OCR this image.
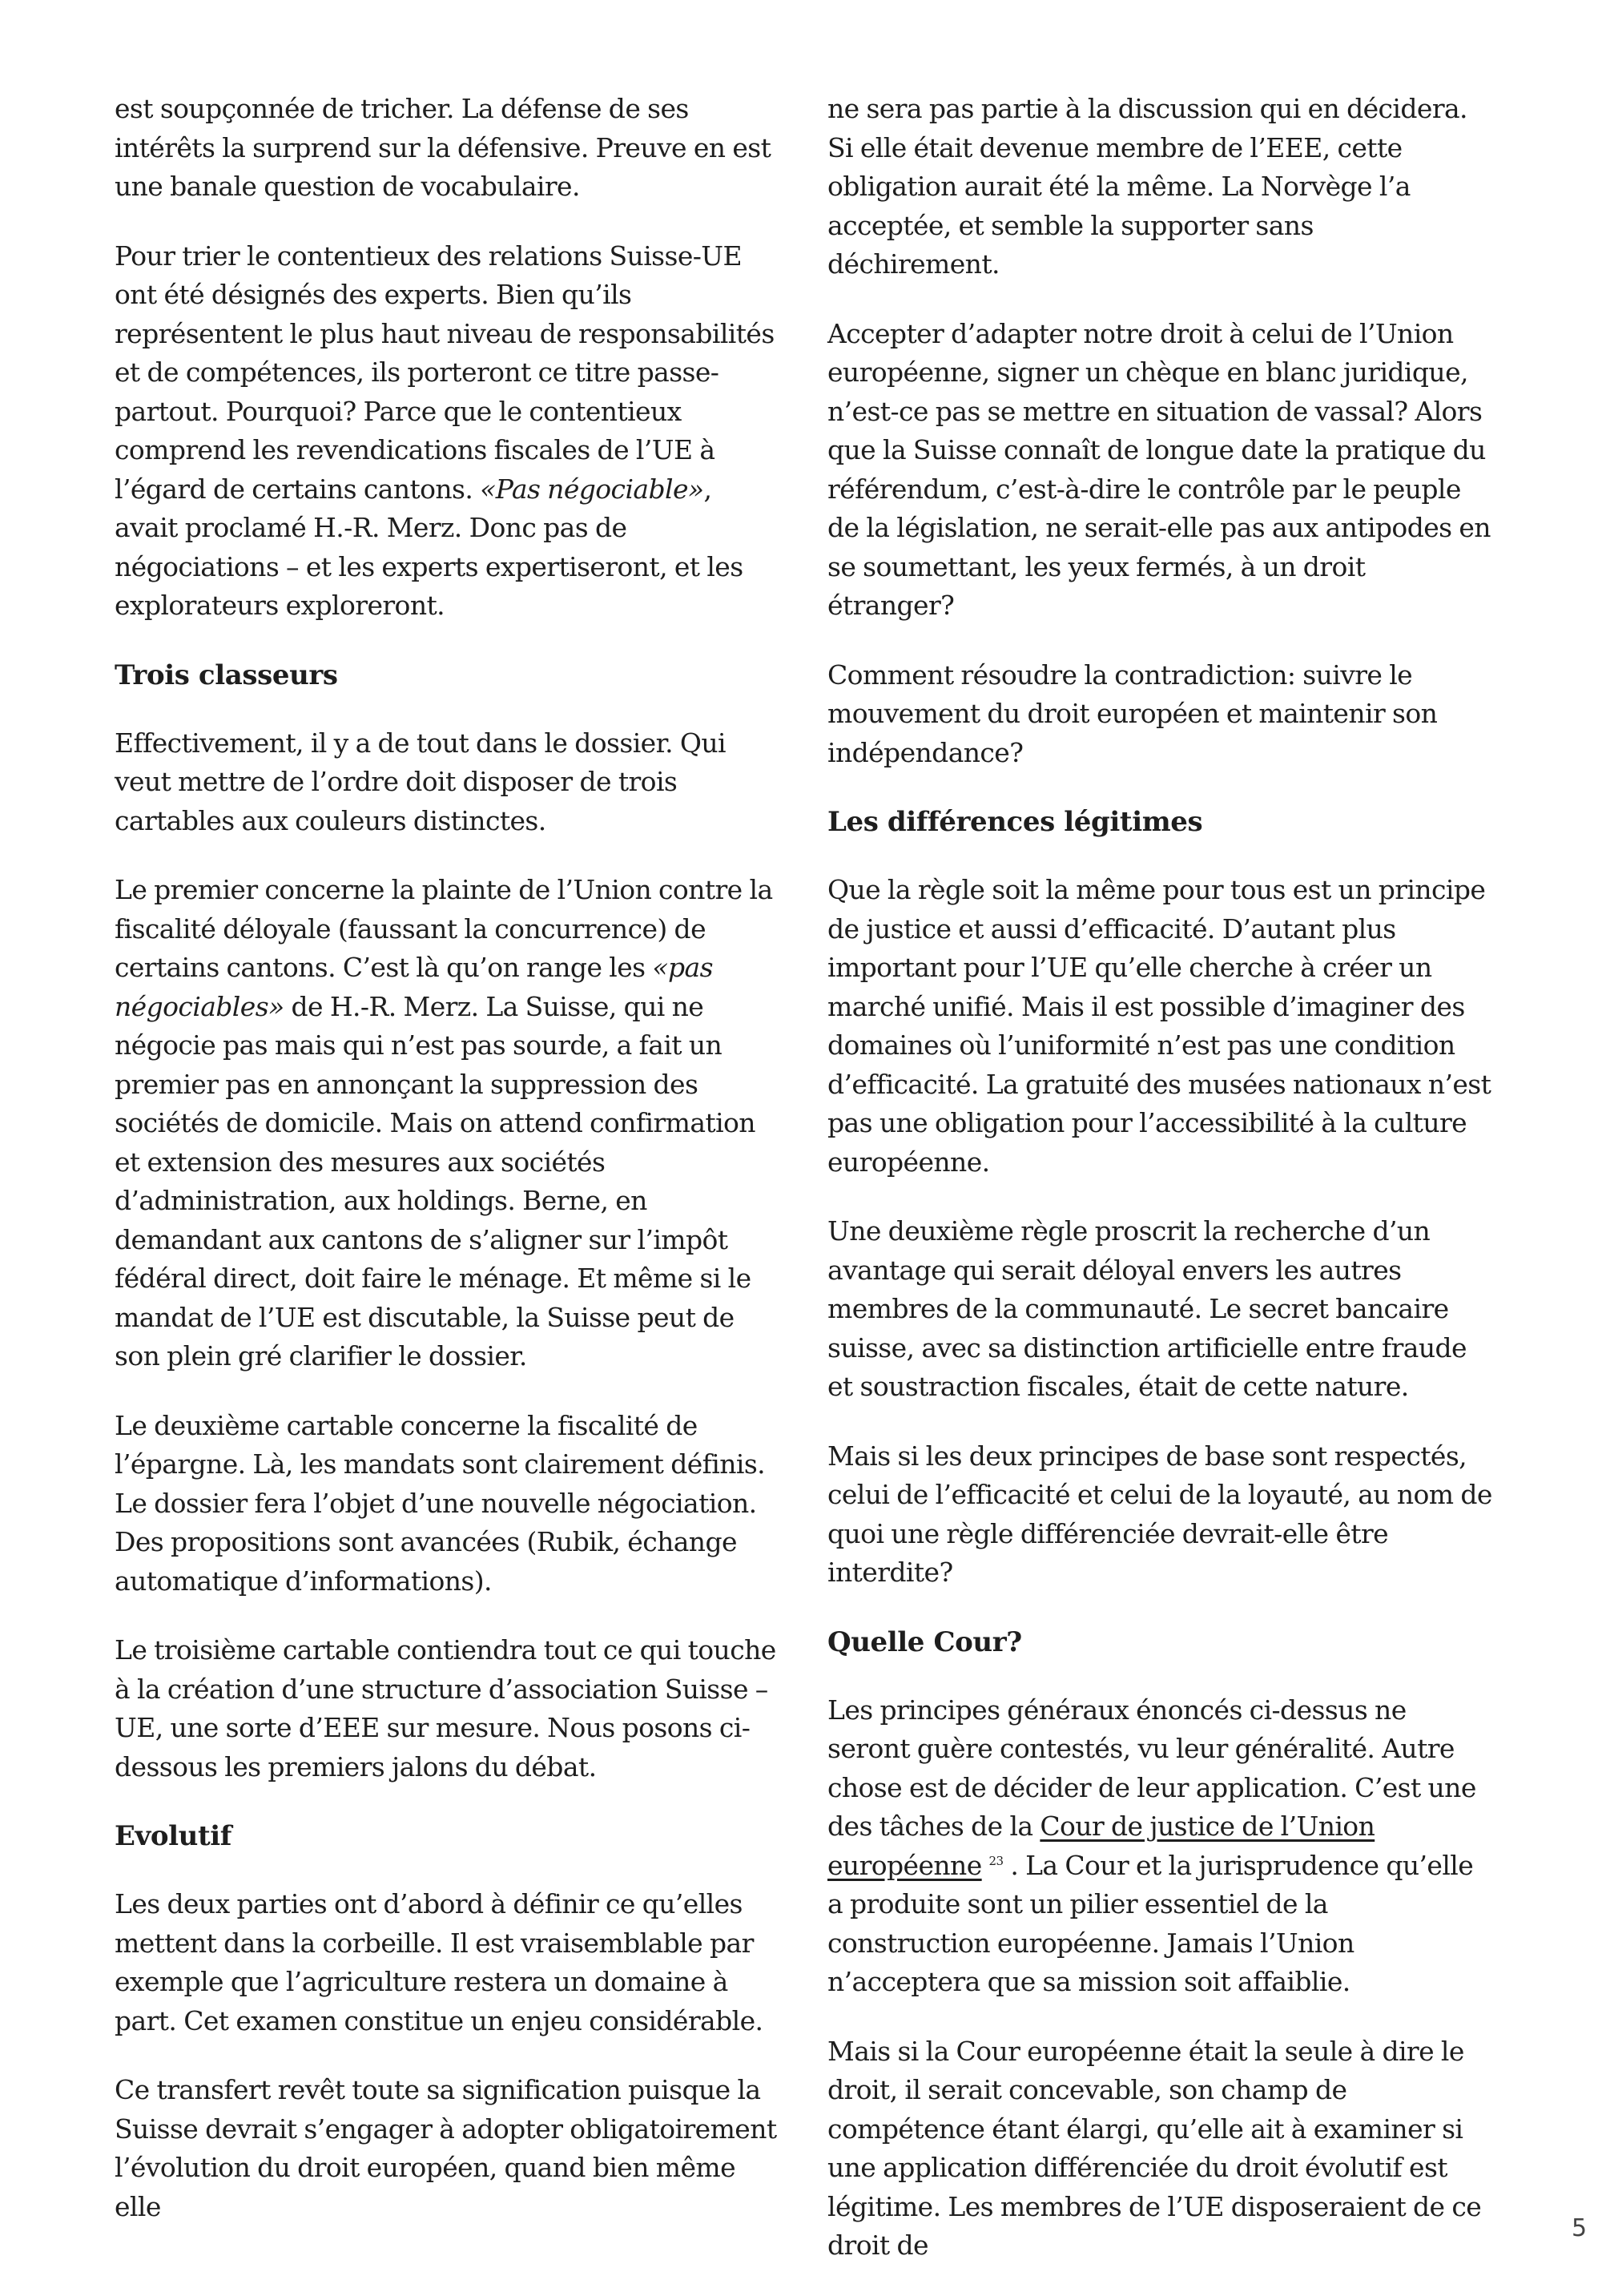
est soupçonnée de tricher. La défense de ses intérêts la surprend sur la défensive. Preuve en est une banale question de vocabulaire.

Pour trier le contentieux des relations Suisse-UE ont été désignés des experts. Bien qu’ils représentent le plus haut niveau de responsabilités et de compétences, ils porteront ce titre passe-partout. Pourquoi? Parce que le contentieux comprend les revendications fiscales de l’UE à l’égard de certains cantons. «Pas négociable», avait proclamé H.-R. Merz. Donc pas de négociations – et les experts expertiseront, et les explorateurs exploreront.

Trois classeurs

Effectivement, il y a de tout dans le dossier. Qui veut mettre de l’ordre doit disposer de trois cartables aux couleurs distinctes.

Le premier concerne la plainte de l’Union contre la fiscalité déloyale (faussant la concurrence) de certains cantons. C’est là qu’on range les «pas négociables» de H.-R. Merz. La Suisse, qui ne négocie pas mais qui n’est pas sourde, a fait un premier pas en annonçant la suppression des sociétés de domicile. Mais on attend confirmation et extension des mesures aux sociétés d’administration, aux holdings. Berne, en demandant aux cantons de s’aligner sur l’impôt fédéral direct, doit faire le ménage. Et même si le mandat de l’UE est discutable, la Suisse peut de son plein gré clarifier le dossier.

Le deuxième cartable concerne la fiscalité de l’épargne. Là, les mandats sont clairement définis. Le dossier fera l’objet d’une nouvelle négociation. Des propositions sont avancées (Rubik, échange automatique d’informations).

Le troisième cartable contiendra tout ce qui touche à la création d’une structure d’association Suisse – UE, une sorte d’EEE sur mesure. Nous posons ci-dessous les premiers jalons du débat.

Evolutif

Les deux parties ont d’abord à définir ce qu’elles mettent dans la corbeille. Il est vraisemblable par exemple que l’agriculture restera un domaine à part. Cet examen constitue un enjeu considérable.

Ce transfert revêt toute sa signification puisque la Suisse devrait s’engager à adopter obligatoirement l’évolution du droit européen, quand bien même elle

ne sera pas partie à la discussion qui en décidera. Si elle était devenue membre de l’EEE, cette obligation aurait été la même. La Norvège l’a acceptée, et semble la supporter sans déchirement.

Accepter d’adapter notre droit à celui de l’Union européenne, signer un chèque en blanc juridique, n’est-ce pas se mettre en situation de vassal? Alors que la Suisse connaît de longue date la pratique du référendum, c’est-à-dire le contrôle par le peuple de la législation, ne serait-elle pas aux antipodes en se soumettant, les yeux fermés, à un droit étranger?

Comment résoudre la contradiction: suivre le mouvement du droit européen et maintenir son indépendance?

Les différences légitimes

Que la règle soit la même pour tous est un principe de justice et aussi d’efficacité. D’autant plus important pour l’UE qu’elle cherche à créer un marché unifié. Mais il est possible d’imaginer des domaines où l’uniformité n’est pas une condition d’efficacité. La gratuité des musées nationaux n’est pas une obligation pour l’accessibilité à la culture européenne.

Une deuxième règle proscrit la recherche d’un avantage qui serait déloyal envers les autres membres de la communauté. Le secret bancaire suisse, avec sa distinction artificielle entre fraude et soustraction fiscales, était de cette nature.

Mais si les deux principes de base sont respectés, celui de l’efficacité et celui de la loyauté, au nom de quoi une règle différenciée devrait-elle être interdite?

Quelle Cour?

Les principes généraux énoncés ci-dessus ne seront guère contestés, vu leur généralité. Autre chose est de décider de leur application. C’est une des tâches de la Cour de justice de l’Union européenne $^{23}$ . La Cour et la jurisprudence qu’elle a produite sont un pilier essentiel de la construction européenne. Jamais l’Union n’acceptera que sa mission soit affaiblie.

Mais si la Cour européenne était la seule à dire le droit, il serait concevable, son champ de compétence étant élargi, qu’elle ait à examiner si une application différenciée du droit évolutif est légitime. Les membres de l’UE disposeraient de ce droit de

5
